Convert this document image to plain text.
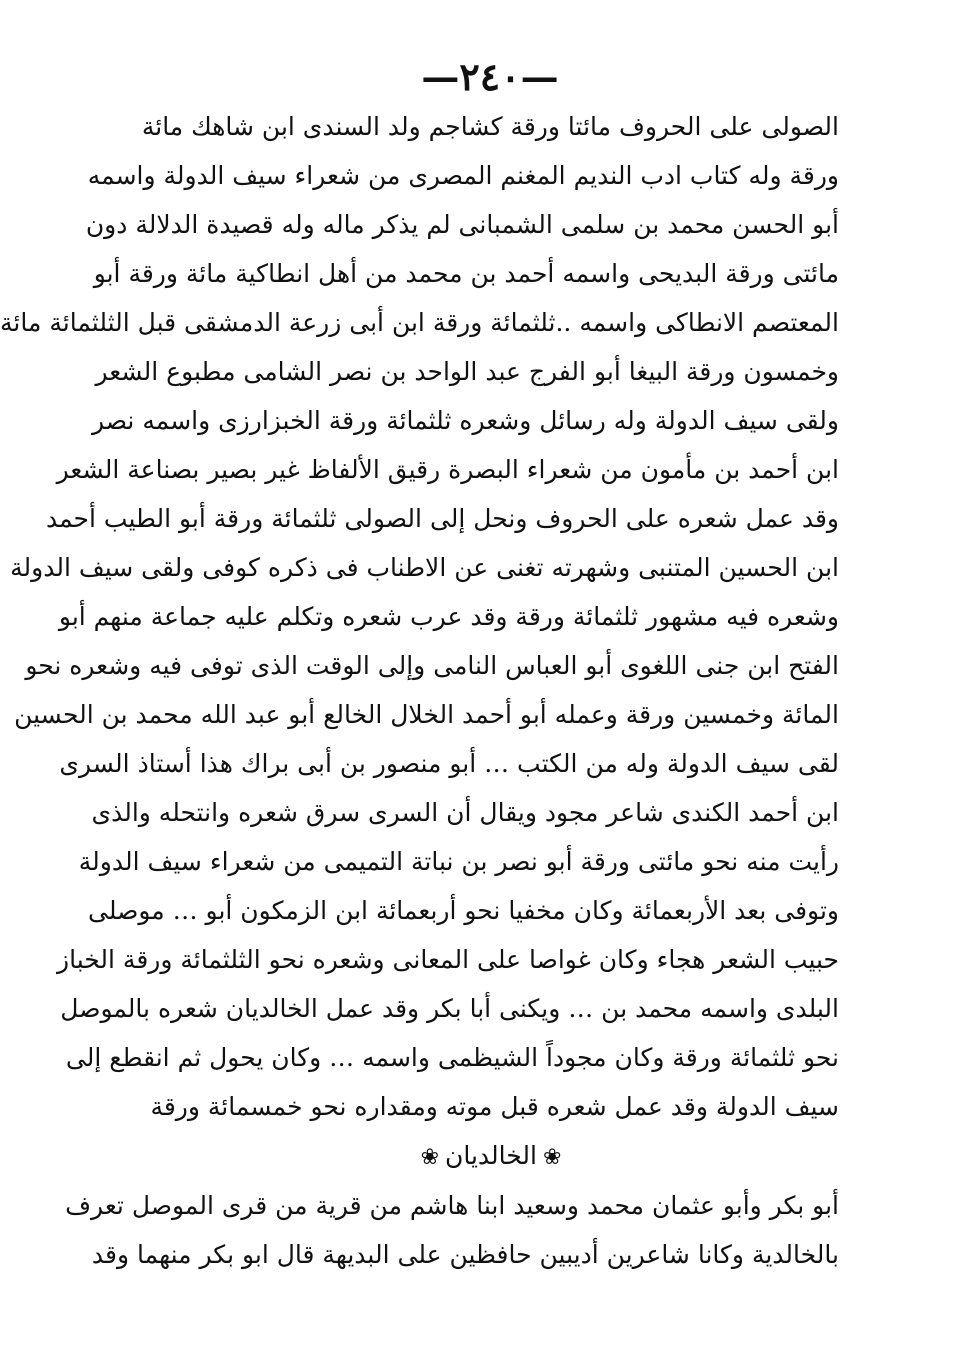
—٢٤٠—
الصولى على الحروف مائتا ورقة كشاجم ولد السندى ابن شاهك مائة
ورقة وله كتاب ادب النديم المغنم المصرى من شعراء سيف الدولة واسمه
أبو الحسن محمد بن سلمى الشمبانى لم يذكر ماله وله قصيدة الدلالة دون
مائتى ورقة البديحى واسمه أحمد بن محمد من أهل انطاكية مائة ورقة أبو
المعتصم الانطاكى واسمه ..ثلثمائة ورقة ابن أبى زرعة الدمشقى قبل الثلثمائة مائة
وخمسون ورقة البيغا أبو الفرج عبد الواحد بن نصر الشامى مطبوع الشعر
ولقى سيف الدولة وله رسائل وشعره ثلثمائة ورقة الخبزارزى واسمه نصر
ابن أحمد بن مأمون من شعراء البصرة رقيق الألفاظ غير بصير بصناعة الشعر
وقد عمل شعره على الحروف ونحل إلى الصولى ثلثمائة ورقة أبو الطيب أحمد
ابن الحسين المتنبى وشهرته تغنى عن الاطناب فى ذكره كوفى ولقى سيف الدولة
وشعره فيه مشهور ثلثمائة ورقة وقد عرب شعره وتكلم عليه جماعة منهم أبو
الفتح ابن جنى اللغوى أبو العباس النامى وإلى الوقت الذى توفى فيه وشعره نحو
المائة وخمسين ورقة وعمله أبو أحمد الخلال الخالع أبو عبد الله محمد بن الحسين
لقى سيف الدولة وله من الكتب … أبو منصور بن أبى براك هذا أستاذ السرى
ابن أحمد الكندى شاعر مجود ويقال أن السرى سرق شعره وانتحله والذى
رأيت منه نحو مائتى ورقة أبو نصر بن نباتة التميمى من شعراء سيف الدولة
وتوفى بعد الأربعمائة وكان مخفيا نحو أربعمائة ابن الزمكون أبو … موصلى
حبيب الشعر هجاء وكان غواصا على المعانى وشعره نحو الثلثمائة ورقة الخباز
البلدى واسمه محمد بن … ويكنى أبا بكر وقد عمل الخالديان شعره بالموصل
نحو ثلثمائة ورقة وكان مجوداً الشيظمى واسمه … وكان يحول ثم انقطع إلى
سيف الدولة وقد عمل شعره قبل موته ومقداره نحو خمسمائة ورقة
❀الخالديان❀
أبو بكر وأبو عثمان محمد وسعيد ابنا هاشم من قرية من قرى الموصل تعرف
بالخالدية وكانا شاعرين أديبين حافظين على البديهة قال ابو بكر منهما وقد
